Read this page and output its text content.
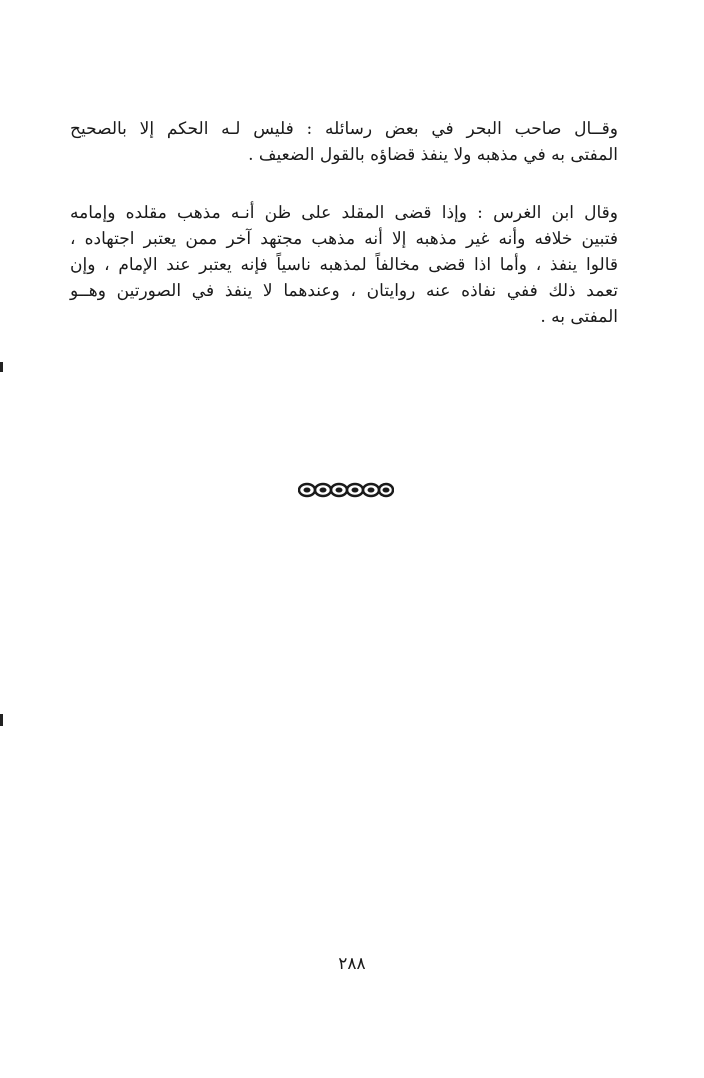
وقــال صاحب البحر في بعض رسائله : فليس لـه الحكم إلا بالصحيح
المفتى به في مذهبه ولا ينفذ قضاؤه بالقول الضعيف .
وقال ابن الغرس : وإذا قضى المقلد على ظن أنـه مذهب مقلده وإمامه
فتبين خلافه وأنه غير مذهبه إلا أنه مذهب مجتهد آخر ممن يعتبر اجتهاده ،
قالوا ينفذ ، وأما اذا قضى مخالفاً لمذهبه ناسياً فإنه يعتبر عند الإمام ، وإن
تعمد ذلك ففي نفاذه عنه روايتان ، وعندهما لا ينفذ في الصورتين وهــو
المفتى به .
٢٨٨
